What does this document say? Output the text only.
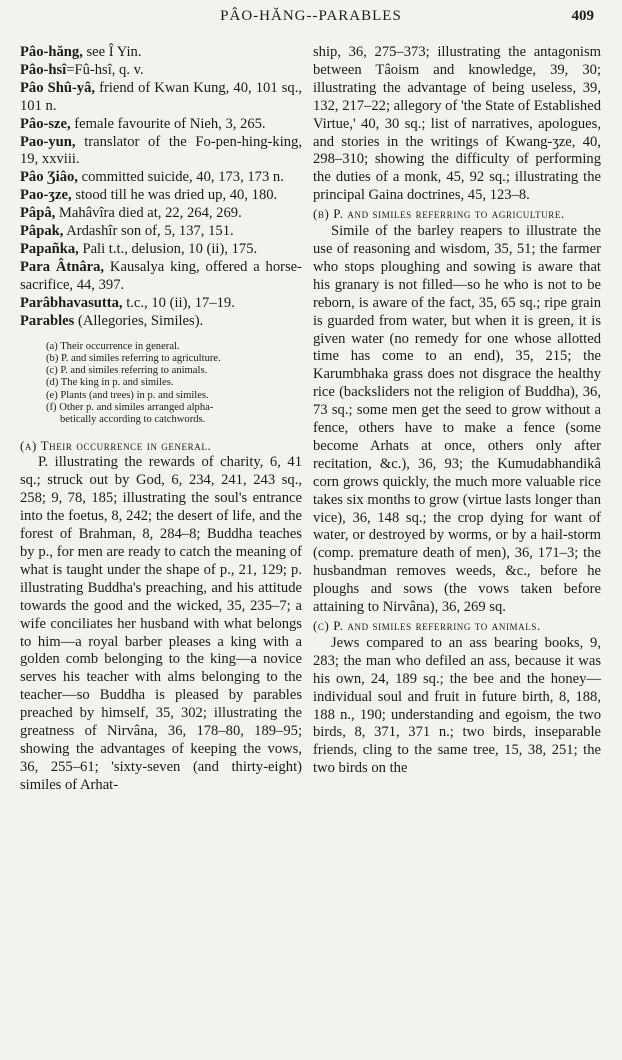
PÂO-HĂNG--PARABLES	409
Pâo-hăng, see Î Yin.
Pâo-hsî=Fû-hsî, q. v.
Pâo Shû-yâ, friend of Kwan Kung, 40, 101 sq., 101 n.
Pâo-sze, female favourite of Nieh, 3, 265.
Pao-yun, translator of the Fo-pen-hing-king, 19, xxviii.
Pâo Ʒiâo, committed suicide, 40, 173, 173 n.
Pao-ʒze, stood till he was dried up, 40, 180.
Pâpâ, Mahâvîra died at, 22, 264, 269.
Pâpak, Ardashîr son of, 5, 137, 151.
Papañka, Pali t.t., delusion, 10 (ii), 175.
Para Âtnâra, Kausalya king, offered a horse-sacrifice, 44, 397.
Parâbhavasutta, t.c., 10 (ii), 17–19.
Parables (Allegories, Similes).
(a) Their occurrence in general.
(b) P. and similes referring to agriculture.
(c) P. and similes referring to animals.
(d) The king in p. and similes.
(e) Plants (and trees) in p. and similes.
(f) Other p. and similes arranged alpha-
betically according to catchwords.
(a) Their occurrence in general.

P. illustrating the rewards of charity, 6, 41 sq.; struck out by God, 6, 234, 241, 243 sq., 258; 9, 78, 185; illustrating the soul's entrance into the foetus, 8, 242; the desert of life, and the forest of Brahman, 8, 284–8; Buddha teaches by p., for men are ready to catch the meaning of what is taught under the shape of p., 21, 129; p. illustrating Buddha's preaching, and his attitude towards the good and the wicked, 35, 235–7; a wife conciliates her husband with what belongs to him—a royal barber pleases a king with a golden comb belonging to the king—a novice serves his teacher with alms belonging to the teacher—so Buddha is pleased by parables preached by himself, 35, 302; illustrating the greatness of Nirvâna, 36, 178–80, 189–95; showing the advantages of keeping the vows, 36, 255–61; 'sixty-seven (and thirty-eight) similes of Arhat-

ship, 36, 275–373; illustrating the antagonism between Tâoism and knowledge, 39, 30; illustrating the advantage of being useless, 39, 132, 217–22; allegory of 'the State of Established Virtue,' 40, 30 sq.; list of narratives, apologues, and stories in the writings of Kwang-ʒze, 40, 298–310; showing the difficulty of performing the duties of a monk, 45, 92 sq.; illustrating the principal Gaina doctrines, 45, 123–8.

(b) P. and similes referring to agriculture.

Simile of the barley reapers to illustrate the use of reasoning and wisdom, 35, 51; the farmer who stops ploughing and sowing is aware that his granary is not filled—so he who is not to be reborn, is aware of the fact, 35, 65 sq.; ripe grain is guarded from water, but when it is green, it is given water (no remedy for one whose allotted time has come to an end), 35, 215; the Karumbhaka grass does not disgrace the healthy rice (backsliders not the religion of Buddha), 36, 73 sq.; some men get the seed to grow without a fence, others have to make a fence (some become Arhats at once, others only after recitation, &c.), 36, 93; the Kumudabhandikâ corn grows quickly, the much more valuable rice takes six months to grow (virtue lasts longer than vice), 36, 148 sq.; the crop dying for want of water, or destroyed by worms, or by a hail-storm (comp. premature death of men), 36, 171–3; the husbandman removes weeds, &c., before he ploughs and sows (the vows taken before attaining to Nirvâna), 36, 269 sq.

(c) P. and similes referring to animals.

Jews compared to an ass bearing books, 9, 283; the man who defiled an ass, because it was his own, 24, 189 sq.; the bee and the honey—individual soul and fruit in future birth, 8, 188, 188 n., 190; understanding and egoism, the two birds, 8, 371, 371 n.; two birds, inseparable friends, cling to the same tree, 15, 38, 251; the two birds on the
